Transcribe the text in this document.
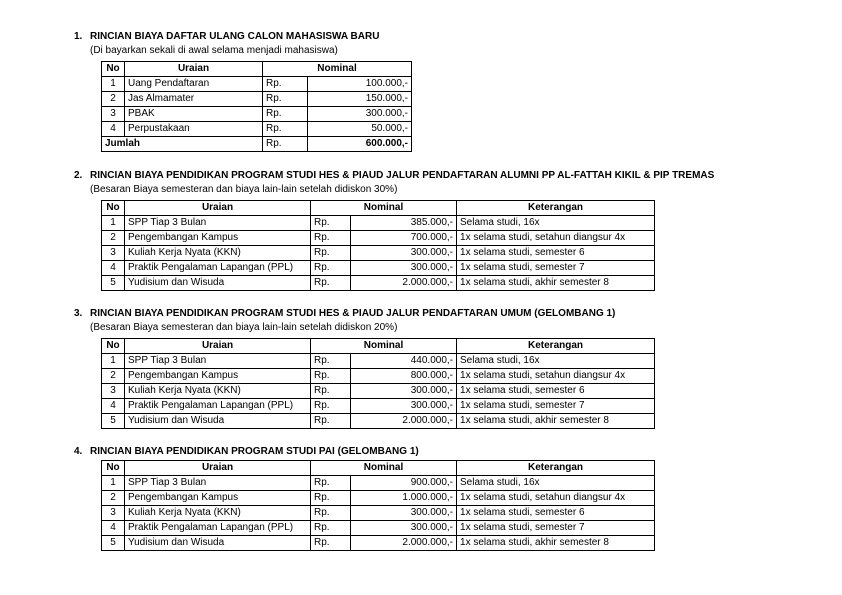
1. RINCIAN BIAYA DAFTAR ULANG CALON MAHASISWA BARU
(Di bayarkan sekali di awal selama menjadi mahasiswa)
No	Uraian	Nominal	
1	Uang Pendaftaran	Rp.	100.000,-
2	Jas Almamater	Rp.	150.000,-
3	PBAK	Rp.	300.000,-
4	Perpustakaan	Rp.	50.000,-
Jumlah		Rp.	600.000,-
2. RINCIAN BIAYA PENDIDIKAN PROGRAM STUDI HES & PIAUD JALUR PENDAFTARAN ALUMNI PP AL-FATTAH KIKIL & PIP TREMAS
(Besaran Biaya semesteran dan biaya lain-lain setelah didiskon 30%)
No	Uraian	Nominal		Keterangan
1	SPP Tiap 3 Bulan	Rp.	385.000,-	Selama studi, 16x
2	Pengembangan Kampus	Rp.	700.000,-	1x selama studi, setahun diangsur 4x
3	Kuliah Kerja Nyata (KKN)	Rp.	300.000,-	1x selama studi, semester 6
4	Praktik Pengalaman Lapangan (PPL)	Rp.	300.000,-	1x selama studi, semester 7
5	Yudisium dan Wisuda	Rp.	2.000.000,-	1x selama studi, akhir semester 8
3. RINCIAN BIAYA PENDIDIKAN PROGRAM STUDI HES & PIAUD JALUR PENDAFTARAN UMUM (GELOMBANG 1)
(Besaran Biaya semesteran dan biaya lain-lain setelah didiskon 20%)
No	Uraian	Nominal		Keterangan
1	SPP Tiap 3 Bulan	Rp.	440.000,-	Selama studi, 16x
2	Pengembangan Kampus	Rp.	800.000,-	1x selama studi, setahun diangsur 4x
3	Kuliah Kerja Nyata (KKN)	Rp.	300.000,-	1x selama studi, semester 6
4	Praktik Pengalaman Lapangan (PPL)	Rp.	300.000,-	1x selama studi, semester 7
5	Yudisium dan Wisuda	Rp.	2.000.000,-	1x selama studi, akhir semester 8
4. RINCIAN BIAYA PENDIDIKAN PROGRAM STUDI PAI (GELOMBANG 1)
No	Uraian	Nominal		Keterangan
1	SPP Tiap 3 Bulan	Rp.	900.000,-	Selama studi, 16x
2	Pengembangan Kampus	Rp.	1.000.000,-	1x selama studi, setahun diangsur 4x
3	Kuliah Kerja Nyata (KKN)	Rp.	300.000,-	1x selama studi, semester 6
4	Praktik Pengalaman Lapangan (PPL)	Rp.	300.000,-	1x selama studi, semester 7
5	Yudisium dan Wisuda	Rp.	2.000.000,-	1x selama studi, akhir semester 8
